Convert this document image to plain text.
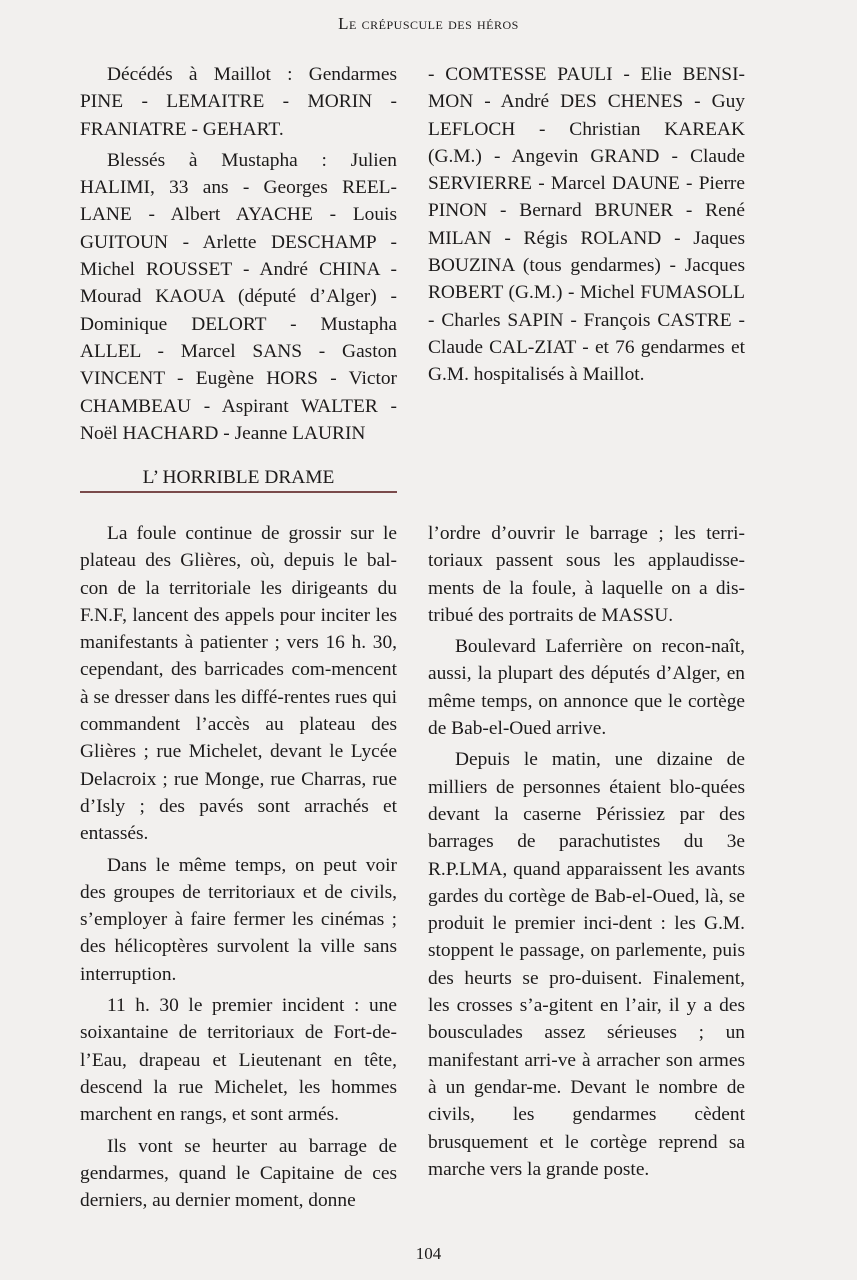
Le crépuscule des héros

Décédés à Maillot : Gendarmes PINE - LEMAITRE - MORIN - FRANIATRE - GEHART.

Blessés à Mustapha : Julien HALIMI, 33 ans - Georges REEL-LANE - Albert AYACHE - Louis GUITOUN - Arlette DESCHAMP - Michel ROUSSET - André CHINA - Mourad KAOUA (député d’Alger) - Dominique DELORT - Mustapha ALLEL - Marcel SANS - Gaston VINCENT - Eugène HORS - Victor CHAMBEAU - Aspirant WALTER - Noël HACHARD - Jeanne LAURIN

- COMTESSE PAULI - Elie BENSI-MON - André DES CHENES - Guy LEFLOCH - Christian KAREAK (G.M.) - Angevin GRAND - Claude SERVIERRE - Marcel DAUNE - Pierre PINON - Bernard BRUNER - René MILAN - Régis ROLAND - Jaques BOUZINA (tous gendarmes) - Jacques ROBERT (G.M.) - Michel FUMASOLL - Charles SAPIN - François CASTRE - Claude CAL-ZIAT - et 76 gendarmes et G.M. hospitalisés à Maillot.

L’ HORRIBLE DRAME

La foule continue de grossir sur le plateau des Glières, où, depuis le bal-con de la territoriale les dirigeants du F.N.F, lancent des appels pour inciter les manifestants à patienter ; vers 16 h. 30, cependant, des barricades com-mencent à se dresser dans les diffé-rentes rues qui commandent l’accès au plateau des Glières ; rue Michelet, devant le Lycée Delacroix ; rue Monge, rue Charras, rue d’Isly ; des pavés sont arrachés et entassés.

Dans le même temps, on peut voir des groupes de territoriaux et de civils, s’employer à faire fermer les cinémas ; des hélicoptères survolent la ville sans interruption.

11 h. 30 le premier incident : une soixantaine de territoriaux de Fort-de-l’Eau, drapeau et Lieutenant en tête, descend la rue Michelet, les hommes marchent en rangs, et sont armés.

Ils vont se heurter au barrage de gendarmes, quand le Capitaine de ces derniers, au dernier moment, donne

l’ordre d’ouvrir le barrage ; les terri-toriaux passent sous les applaudisse-ments de la foule, à laquelle on a dis-tribué des portraits de MASSU.

Boulevard Laferrière on recon-naît, aussi, la plupart des députés d’Alger, en même temps, on annonce que le cortège de Bab-el-Oued arrive.

Depuis le matin, une dizaine de milliers de personnes étaient blo-quées devant la caserne Périssiez par des barrages de parachutistes du 3e R.P.LMA, quand apparaissent les avants gardes du cortège de Bab-el-Oued, là, se produit le premier inci-dent : les G.M. stoppent le passage, on parlemente, puis des heurts se pro-duisent. Finalement, les crosses s’a-gitent en l’air, il y a des bousculades assez sérieuses ; un manifestant arri-ve à arracher son armes à un gendar-me. Devant le nombre de civils, les gendarmes cèdent brusquement et le cortège reprend sa marche vers la grande poste.

104
